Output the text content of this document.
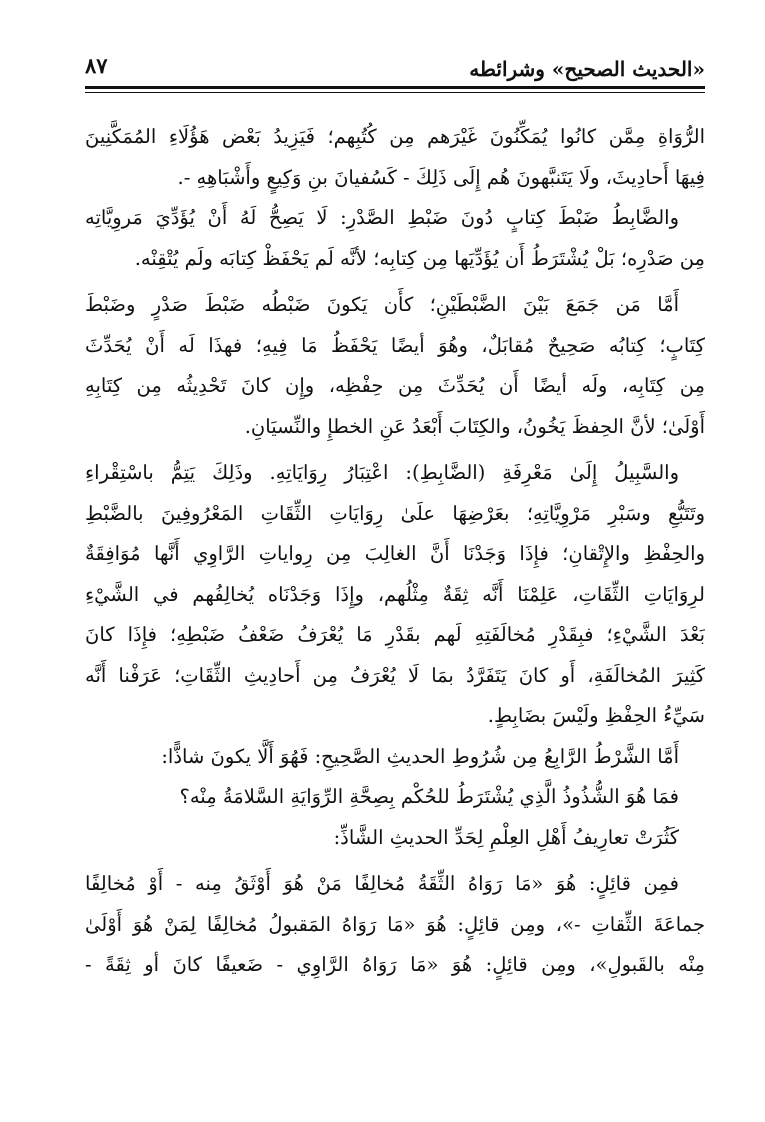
«الحديث الصحيح» وشرائطه
٨٧
الرُّوَاةِ مِمَّن كانُوا يُمَكِّنُونَ غَيْرَهم مِن كُتُبِهم؛ فَيَزِيدُ بَعْض هَؤُلَاءِ المُمَكَّنِينَ
فِيهَا أَحادِيثَ، ولَا يَتَنبَّهونَ هُم إِلَى ذَلِكَ - كَسُفيانَ بنِ وَكِيعٍ وأَشْبَاهِهِ -.
والضَّابِطُ ضَبْطَ كِتابٍ دُونَ ضَبْطِ الصَّدْرِ: لَا يَصِحُّ لَهُ أَنْ يُؤَدِّيَ مَروِيَّاتِه
مِن صَدْرِه؛ بَلْ يُشْتَرَطُ أَن يُؤَدِّيَها مِن كِتابِه؛ لأنَّه لَم يَحْفَظْ كِتابَه ولَم يُتْقِنْه.
أَمَّا مَن جَمَعَ بَيْنَ الضَّبْطَيْنِ؛ كأَن يَكونَ ضَبْطُه ضَبْطَ صَدْرٍ وضَبْطَ
كِتَابٍ؛ كِتابُه صَحِيحٌ مُقابَلٌ، وهُوَ أيضًا يَحْفَظُ مَا فِيهِ؛ فهذَا لَه أَنْ يُحَدِّثَ
مِن كِتَابِه، ولَه أيضًا أَن يُحَدِّثَ مِن حِفْظِه، وإِن كانَ تَحْدِيثُه مِن كِتَابِهِ
أَوْلَىٰ؛ لأنَّ الحِفظَ يَخُونُ، والكِتَابَ أَبْعَدُ عَنِ الخطإِ والنِّسيَانِ.
والسَّبِيلُ إِلَىٰ مَعْرِفَةِ (الضَّابِطِ): اعْتِبَارُ رِوَايَاتِهِ. وذَلِكَ يَتِمُّ باسْتِقْراءِ
وتَتَبُّعِ وسَبْرِ مَرْوِيَّاتِهِ؛ بعَرْضِهَا علَىٰ رِوَايَاتِ الثِّقَاتِ المَعْرُوفِينَ بالضَّبْطِ
والحِفْظِ والإِتْقانِ؛ فإِذَا وَجَدْنَا أَنَّ الغالِبَ مِن رِواياتِ الرَّاوِي أَنَّها مُوَافِقَةٌ
لرِوَايَاتِ الثِّقَاتِ، عَلِمْنَا أَنَّه ثِقَةٌ مِثْلُهم، وإِذَا وَجَدْنَاه يُخالِفُهم في الشَّيْءِ
بَعْدَ الشَّيْءِ؛ فبِقَدْرِ مُخالَفَتِهِ لَهم بقَدْرِ مَا يُعْرَفُ ضَعْفُ ضَبْطِهِ؛ فإِذَا كانَ
كَثِيرَ المُخالَفَةِ، أَو كانَ يَتَفَرَّدُ بمَا لَا يُعْرَفُ مِن أَحادِيثِ الثِّقَاتِ؛ عَرَفْنا أَنَّه
سَيِّءُ الحِفْظِ ولَيْسَ بضَابِطٍ.
أَمَّا الشَّرْطُ الرَّابِعُ مِن شُرُوطِ الحديثِ الصَّحِيحِ: فَهُوَ أَلَّا يكونَ شاذًّا:
فمَا هُوَ الشُّذُوذُ الَّذِي يُشْتَرَطُ للحُكْم بِصِحَّةِ الرِّوَايَةِ السَّلامَةُ مِنْه؟
كَثُرَتْ تعارِيفُ أَهْلِ العِلْمِ لِحَدِّ الحديثِ الشَّاذِّ:
فمِن قائِلٍ: هُوَ «مَا رَوَاهُ الثِّقَةُ مُخالِفًا مَنْ هُوَ أَوْثَقُ مِنه - أَوْ مُخالِفًا
جماعَةَ الثِّقاتِ -»، ومِن قائِلٍ: هُوَ «مَا رَوَاهُ المَقبولُ مُخالِفًا لِمَنْ هُوَ أَوْلَىٰ
مِنْه بالقَبولِ»، ومِن قائِلٍ: هُوَ «مَا رَوَاهُ الرَّاوِي - ضَعيفًا كانَ أو ثِقَةً -
